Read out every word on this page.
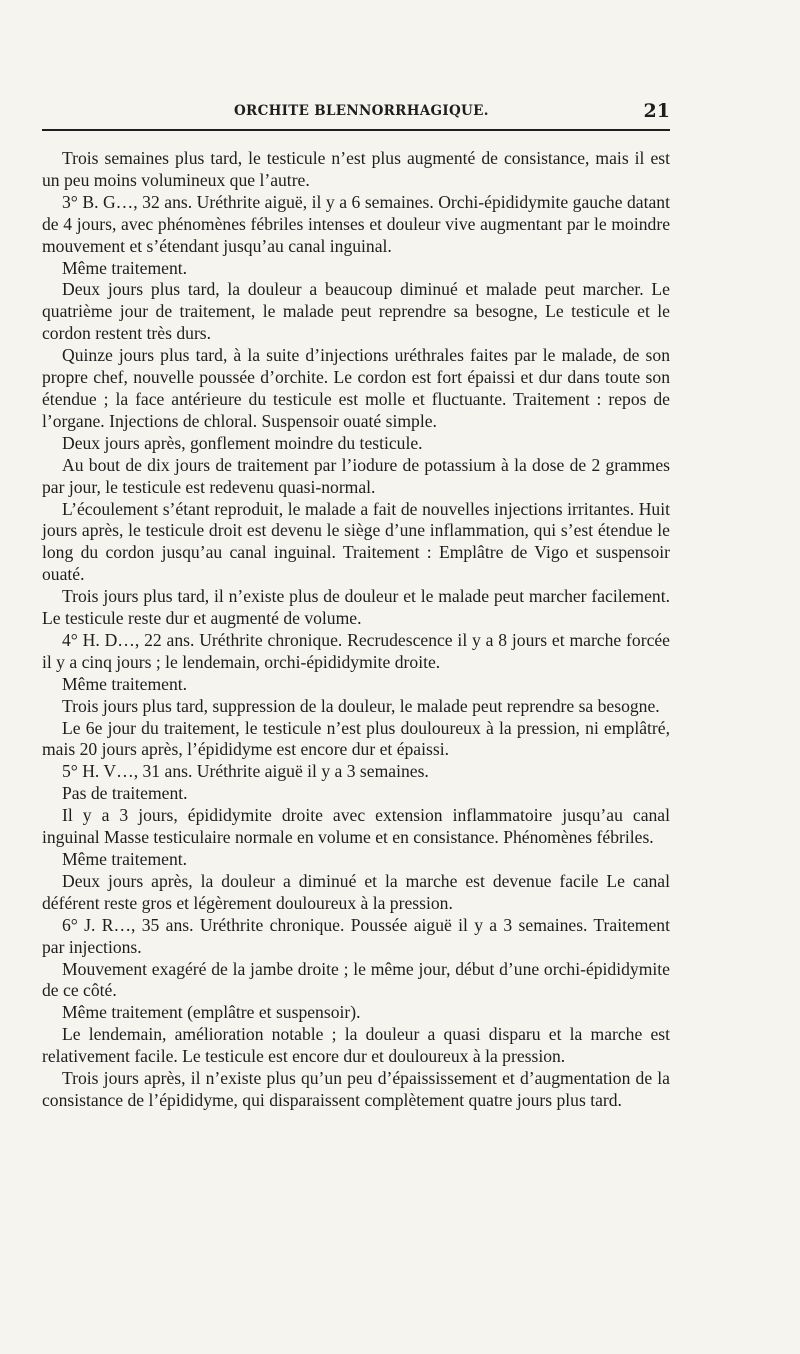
ORCHITE BLENNORRHAGIQUE.	21

Trois semaines plus tard, le testicule n’est plus augmenté de consistance, mais il est un peu moins volumineux que l’autre.

3° B. G…, 32 ans. Uréthrite aiguë, il y a 6 semaines. Orchi-épididymite gauche datant de 4 jours, avec phénomènes fébriles intenses et douleur vive augmentant par le moindre mouvement et s’étendant jusqu’au canal inguinal.

Même traitement.

Deux jours plus tard, la douleur a beaucoup diminué et malade peut marcher. Le quatrième jour de traitement, le malade peut reprendre sa besogne, Le testicule et le cordon restent très durs.

Quinze jours plus tard, à la suite d’injections uréthrales faites par le malade, de son propre chef, nouvelle poussée d’orchite. Le cordon est fort épaissi et dur dans toute son étendue ; la face antérieure du testicule est molle et fluctuante. Traitement : repos de l’organe. Injections de chloral. Suspensoir ouaté simple.

Deux jours après, gonflement moindre du testicule.

Au bout de dix jours de traitement par l’iodure de potassium à la dose de 2 grammes par jour, le testicule est redevenu quasi-normal.

L’écoulement s’étant reproduit, le malade a fait de nouvelles injections irritantes. Huit jours après, le testicule droit est devenu le siège d’une inflammation, qui s’est étendue le long du cordon jusqu’au canal inguinal. Traitement : Emplâtre de Vigo et suspensoir ouaté.

Trois jours plus tard, il n’existe plus de douleur et le malade peut marcher facilement. Le testicule reste dur et augmenté de volume.

4° H. D…, 22 ans. Uréthrite chronique. Recrudescence il y a 8 jours et marche forcée il y a cinq jours ; le lendemain, orchi-épididymite droite.

Même traitement.

Trois jours plus tard, suppression de la douleur, le malade peut reprendre sa besogne.

Le 6e jour du traitement, le testicule n’est plus douloureux à la pression, ni emplâtré, mais 20 jours après, l’épididyme est encore dur et épaissi.

5° H. V…, 31 ans. Uréthrite aiguë il y a 3 semaines.

Pas de traitement.

Il y a 3 jours, épididymite droite avec extension inflammatoire jusqu’au canal inguinal Masse testiculaire normale en volume et en consistance. Phénomènes fébriles.

Même traitement.

Deux jours après, la douleur a diminué et la marche est devenue facile Le canal déférent reste gros et légèrement douloureux à la pression.

6° J. R…, 35 ans. Uréthrite chronique. Poussée aiguë il y a 3 semaines. Traitement par injections.

Mouvement exagéré de la jambe droite ; le même jour, début d’une orchi-épididymite de ce côté.

Même traitement (emplâtre et suspensoir).

Le lendemain, amélioration notable ; la douleur a quasi disparu et la marche est relativement facile. Le testicule est encore dur et douloureux à la pression.

Trois jours après, il n’existe plus qu’un peu d’épaississement et d’augmentation de la consistance de l’épididyme, qui disparaissent complètement quatre jours plus tard.
